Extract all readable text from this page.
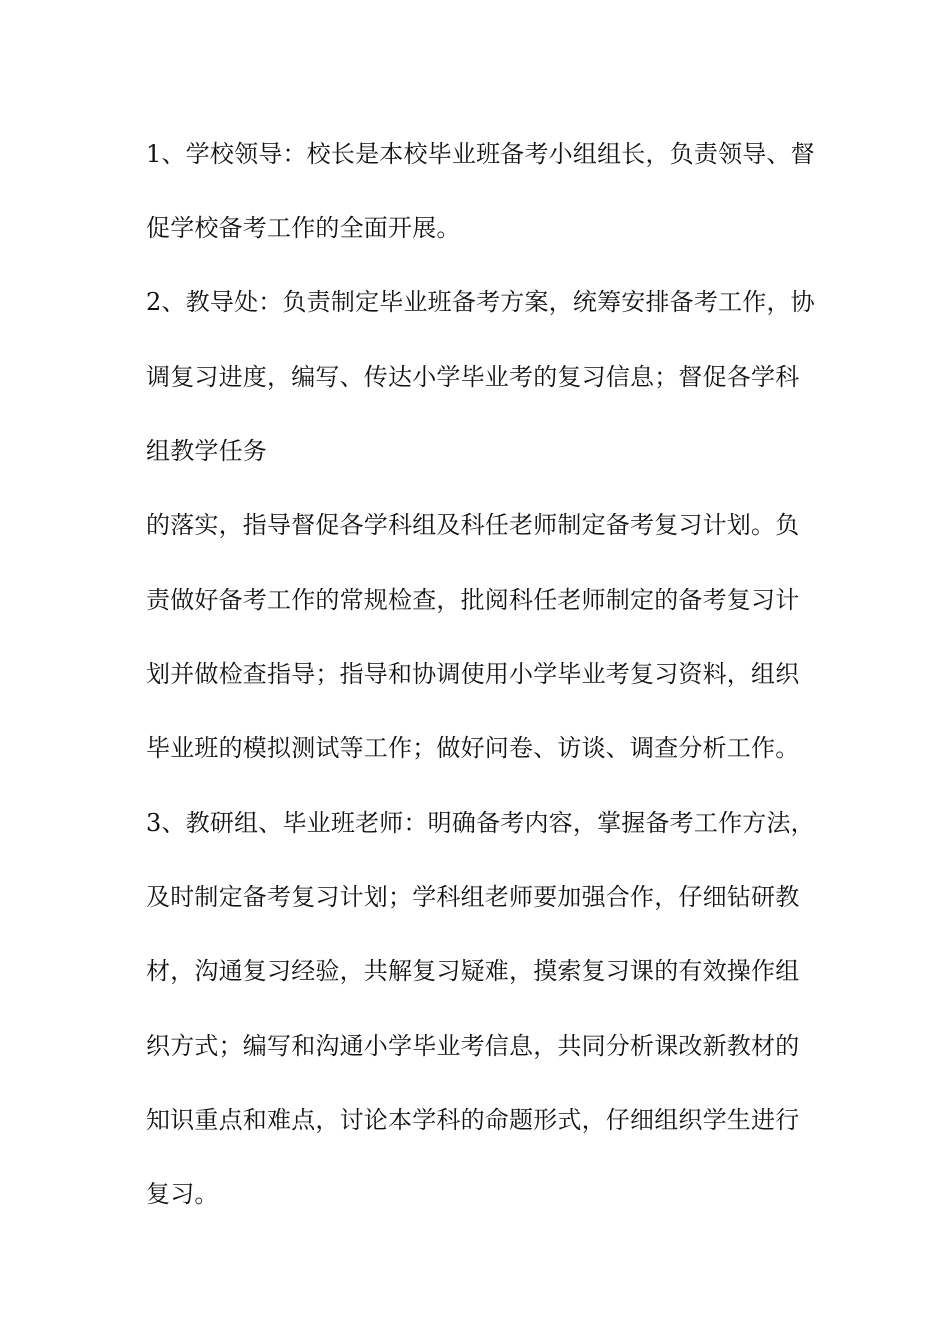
1、学校领导：校长是本校毕业班备考小组组长，负责领导、督
促学校备考工作的全面开展。
2、教导处：负责制定毕业班备考方案，统筹安排备考工作，协
调复习进度，编写、传达小学毕业考的复习信息；督促各学科
组教学任务
的落实，指导督促各学科组及科任老师制定备考复习计划。负
责做好备考工作的常规检查，批阅科任老师制定的备考复习计
划并做检查指导；指导和协调使用小学毕业考复习资料，组织
毕业班的模拟测试等工作；做好问卷、访谈、调查分析工作。
3、教研组、毕业班老师：明确备考内容，掌握备考工作方法，
及时制定备考复习计划；学科组老师要加强合作，仔细钻研教
材，沟通复习经验，共解复习疑难，摸索复习课的有效操作组
织方式；编写和沟通小学毕业考信息，共同分析课改新教材的
知识重点和难点，讨论本学科的命题形式，仔细组织学生进行
复习。
